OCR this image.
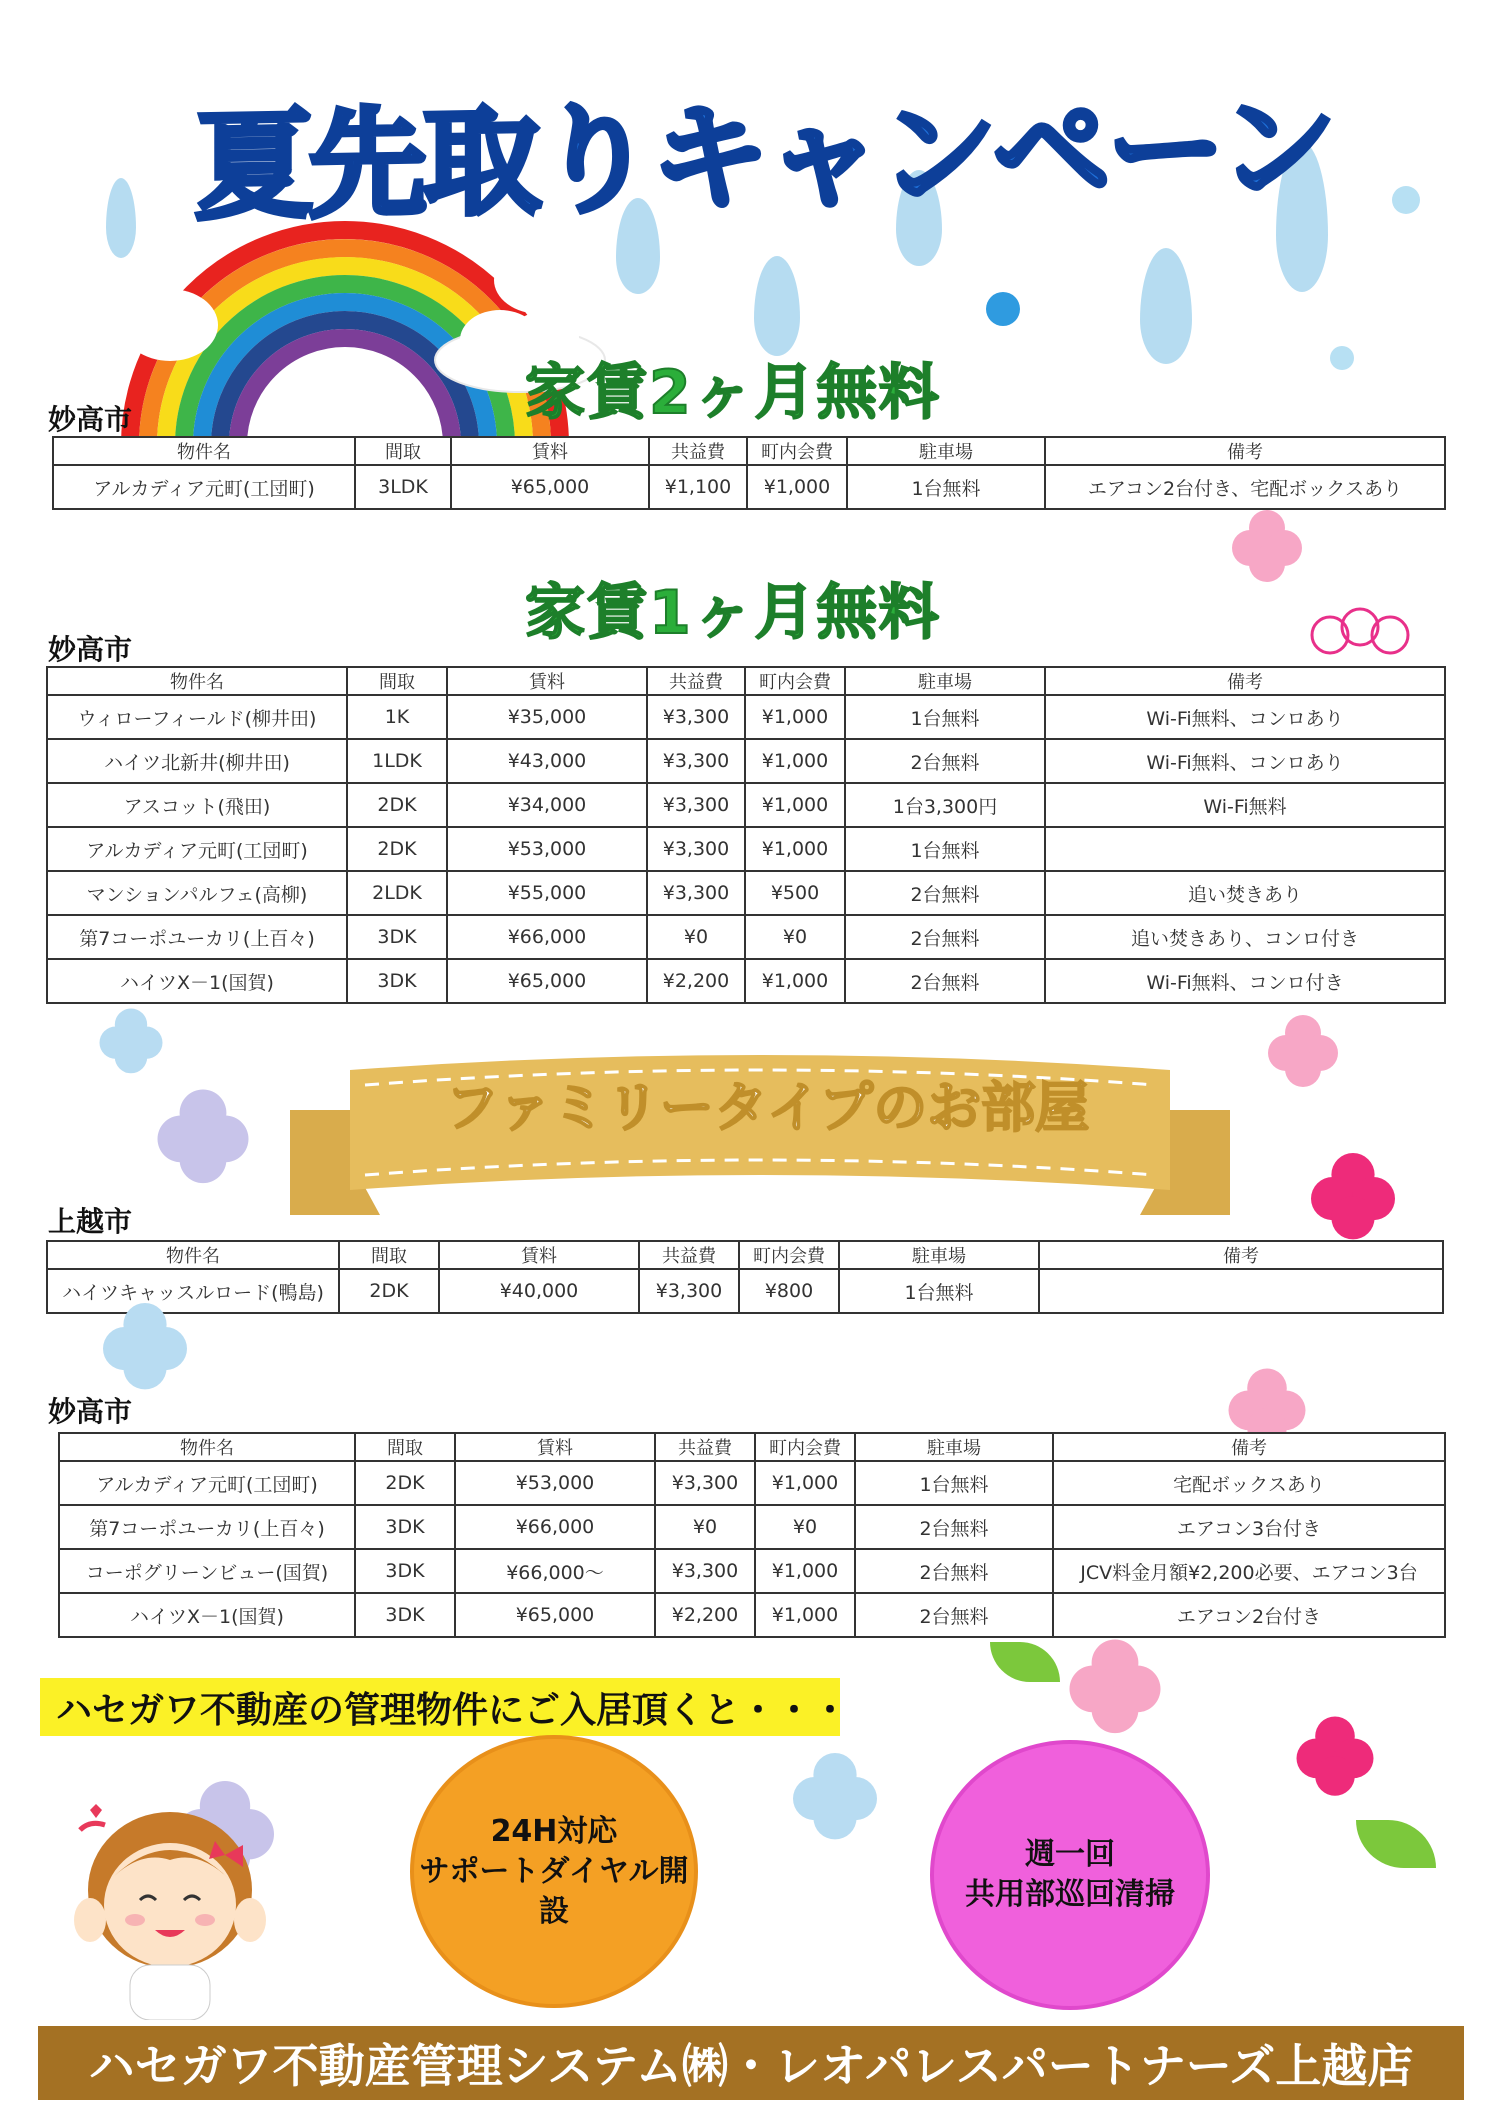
夏先取りキャンペーン
家賃2ヶ月無料
妙高市
物件名	間取	賃料	共益費	町内会費	駐車場	備考
アルカディア元町(工団町)	3LDK	¥65,000	¥1,100	¥1,000	1台無料	エアコン2台付き、宅配ボックスあり
家賃1ヶ月無料
妙高市
物件名	間取	賃料	共益費	町内会費	駐車場	備考
ウィローフィールド(柳井田)	1K	¥35,000	¥3,300	¥1,000	1台無料	Wi-Fi無料、コンロあり
ハイツ北新井(柳井田)	1LDK	¥43,000	¥3,300	¥1,000	2台無料	Wi-Fi無料、コンロあり
アスコット(飛田)	2DK	¥34,000	¥3,300	¥1,000	1台3,300円	Wi-Fi無料
アルカディア元町(工団町)	2DK	¥53,000	¥3,300	¥1,000	1台無料	
マンションパルフェ(高柳)	2LDK	¥55,000	¥3,300	¥500	2台無料	追い焚きあり
第7コーポユーカリ(上百々)	3DK	¥66,000	¥0	¥0	2台無料	追い焚きあり、コンロ付き
ハイツX－1(国賀)	3DK	¥65,000	¥2,200	¥1,000	2台無料	Wi-Fi無料、コンロ付き
ファミリータイプのお部屋
上越市
物件名	間取	賃料	共益費	町内会費	駐車場	備考
ハイツキャッスルロード(鴨島)	2DK	¥40,000	¥3,300	¥800	1台無料	
妙高市
物件名	間取	賃料	共益費	町内会費	駐車場	備考
アルカディア元町(工団町)	2DK	¥53,000	¥3,300	¥1,000	1台無料	宅配ボックスあり
第7コーポユーカリ(上百々)	3DK	¥66,000	¥0	¥0	2台無料	エアコン3台付き
コーポグリーンビュー(国賀)	3DK	¥66,000～	¥3,300	¥1,000	2台無料	JCV料金月額¥2,200必要、エアコン3台
ハイツX－1(国賀)	3DK	¥65,000	¥2,200	¥1,000	2台無料	エアコン2台付き
ハセガワ不動産の管理物件にご入居頂くと・・・
24H対応
サポートダイヤル開設
週一回
共用部巡回清掃
ハセガワ不動産管理システム㈱・レオパレスパートナーズ上越店
